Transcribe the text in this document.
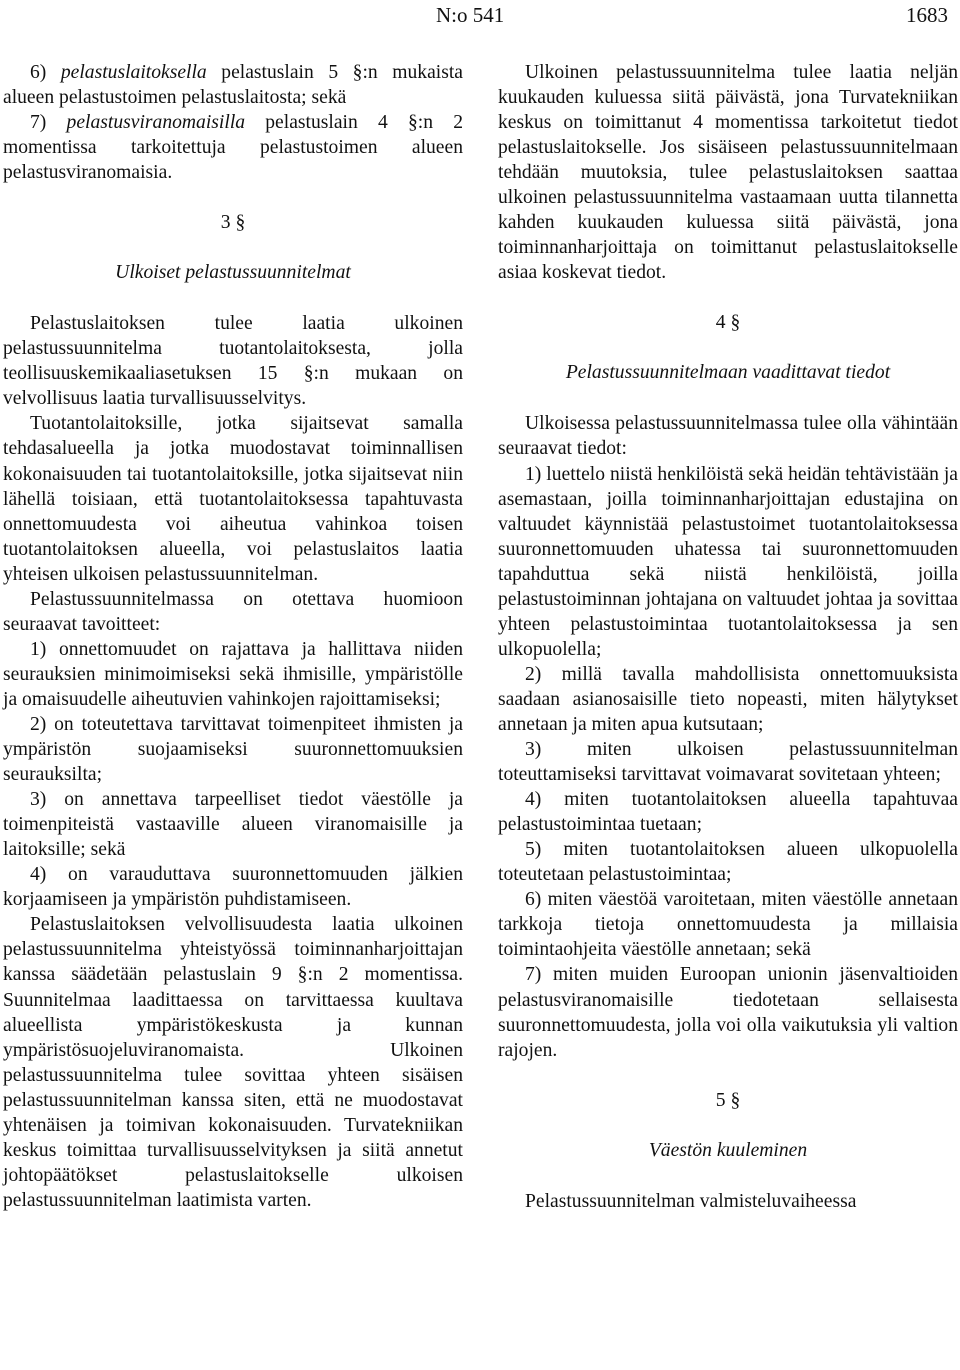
N:o 541	1683

6) pelastuslaitoksella pelastuslain 5 §:n mukaista alueen pelastustoimen pelastuslaitosta; sekä

7) pelastusviranomaisilla pelastuslain 4 §:n 2 momentissa tarkoitettuja pelastustoimen alueen pelastusviranomaisia.

3 §
Ulkoiset pelastussuunnitelmat

Pelastuslaitoksen tulee laatia ulkoinen pelastussuunnitelma tuotantolaitoksesta, jolla teollisuuskemikaaliasetuksen 15 §:n mukaan on velvollisuus laatia turvallisuusselvitys.

Tuotantolaitoksille, jotka sijaitsevat samalla tehdasalueella ja jotka muodostavat toiminnallisen kokonaisuuden tai tuotantolaitoksille, jotka sijaitsevat niin lähellä toisiaan, että tuotantolaitoksessa tapahtuvasta onnettomuudesta voi aiheutua vahinkoa toisen tuotantolaitoksen alueella, voi pelastuslaitos laatia yhteisen ulkoisen pelastussuunnitelman.

Pelastussuunnitelmassa on otettava huomioon seuraavat tavoitteet:

1) onnettomuudet on rajattava ja hallittava niiden seurauksien minimoimiseksi sekä ihmisille, ympäristölle ja omaisuudelle aiheutuvien vahinkojen rajoittamiseksi;

2) on toteutettava tarvittavat toimenpiteet ihmisten ja ympäristön suojaamiseksi suuronnettomuuksien seurauksilta;

3) on annettava tarpeelliset tiedot väestölle ja toimenpiteistä vastaaville alueen viranomaisille ja laitoksille; sekä

4) on varauduttava suuronnettomuuden jälkien korjaamiseen ja ympäristön puhdistamiseen.

Pelastuslaitoksen velvollisuudesta laatia ulkoinen pelastussuunnitelma yhteistyössä toiminnanharjoittajan kanssa säädetään pelastuslain 9 §:n 2 momentissa. Suunnitelmaa laadittaessa on tarvittaessa kuultava alueellista ympäristökeskusta ja kunnan ympäristösuojeluviranomaista. Ulkoinen pelastussuunnitelma tulee sovittaa yhteen sisäisen pelastussuunnitelman kanssa siten, että ne muodostavat yhtenäisen ja toimivan kokonaisuuden. Turvatekniikan keskus toimittaa turvallisuusselvityksen ja siitä annetut johtopäätökset pelastuslaitokselle ulkoisen pelastussuunnitelman laatimista varten.

Ulkoinen pelastussuunnitelma tulee laatia neljän kuukauden kuluessa siitä päivästä, jona Turvatekniikan keskus on toimittanut 4 momentissa tarkoitetut tiedot pelastuslaitokselle. Jos sisäiseen pelastussuunnitelmaan tehdään muutoksia, tulee pelastuslaitoksen saattaa ulkoinen pelastussuunnitelma vastaamaan uutta tilannetta kahden kuukauden kuluessa siitä päivästä, jona toiminnanharjoittaja on toimittanut pelastuslaitokselle asiaa koskevat tiedot.

4 §
Pelastussuunnitelmaan vaadittavat tiedot

Ulkoisessa pelastussuunnitelmassa tulee olla vähintään seuraavat tiedot:

1) luettelo niistä henkilöistä sekä heidän tehtävistään ja asemastaan, joilla toiminnanharjoittajan edustajina on valtuudet käynnistää pelastustoimet tuotantolaitoksessa suuronnettomuuden uhatessa tai suuronnettomuuden tapahduttua sekä niistä henkilöistä, joilla pelastustoiminnan johtajana on valtuudet johtaa ja sovittaa yhteen pelastustoimintaa tuotantolaitoksessa ja sen ulkopuolella;

2) millä tavalla mahdollisista onnettomuuksista saadaan asianosaisille tieto nopeasti, miten hälytykset annetaan ja miten apua kutsutaan;

3) miten ulkoisen pelastussuunnitelman toteuttamiseksi tarvittavat voimavarat sovitetaan yhteen;

4) miten tuotantolaitoksen alueella tapahtuvaa pelastustoimintaa tuetaan;

5) miten tuotantolaitoksen alueen ulkopuolella toteutetaan pelastustoimintaa;

6) miten väestöä varoitetaan, miten väestölle annetaan tarkkoja tietoja onnettomuudesta ja millaisia toimintaohjeita väestölle annetaan; sekä

7) miten muiden Euroopan unionin jäsenvaltioiden pelastusviranomaisille tiedotetaan sellaisesta suuronnettomuudesta, jolla voi olla vaikutuksia yli valtion rajojen.

5 §
Väestön kuuleminen

Pelastussuunnitelman valmisteluvaiheessa
